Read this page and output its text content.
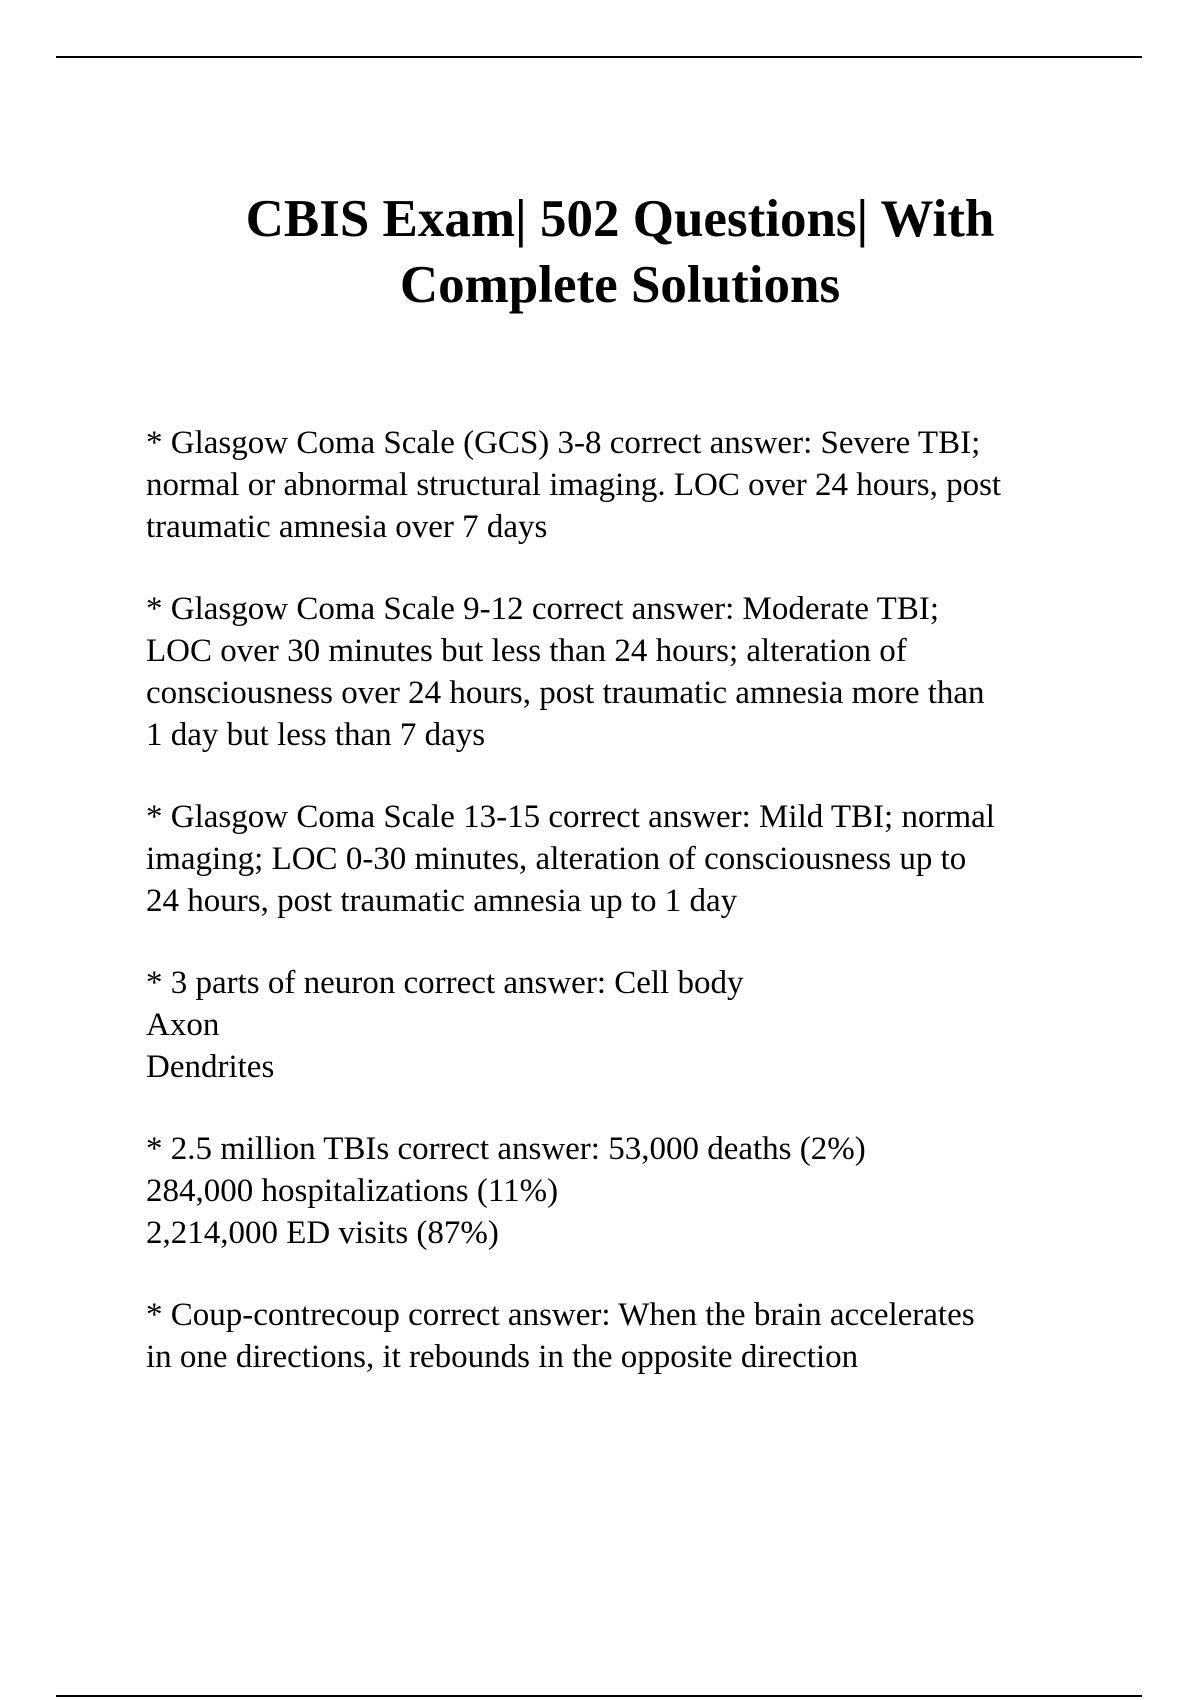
CBIS Exam| 502 Questions| With
Complete Solutions

* Glasgow Coma Scale (GCS) 3-8 correct answer: Severe TBI;
normal or abnormal structural imaging. LOC over 24 hours, post
traumatic amnesia over 7 days

* Glasgow Coma Scale 9-12 correct answer: Moderate TBI;
LOC over 30 minutes but less than 24 hours; alteration of
consciousness over 24 hours, post traumatic amnesia more than
1 day but less than 7 days

* Glasgow Coma Scale 13-15 correct answer: Mild TBI; normal
imaging; LOC 0-30 minutes, alteration of consciousness up to
24 hours, post traumatic amnesia up to 1 day

* 3 parts of neuron correct answer: Cell body
Axon
Dendrites

* 2.5 million TBIs correct answer: 53,000 deaths (2%)
284,000 hospitalizations (11%)
2,214,000 ED visits (87%)

* Coup-contrecoup correct answer: When the brain accelerates
in one directions, it rebounds in the opposite direction
